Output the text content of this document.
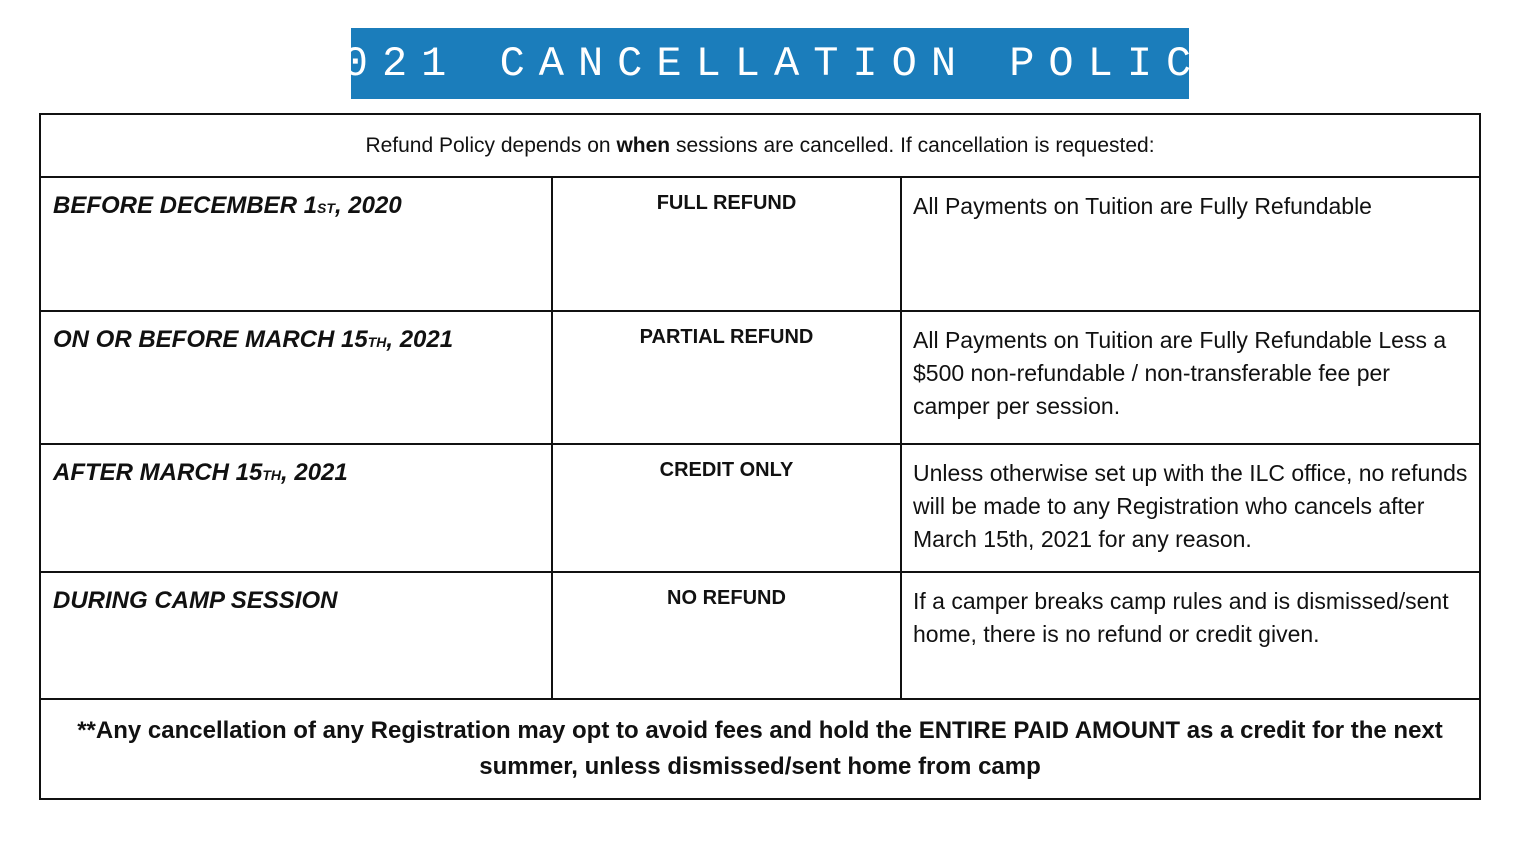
2021 CANCELLATION POLICY
Refund Policy depends on when sessions are cancelled. If cancellation is requested:		
BEFORE DECEMBER 1ST, 2020	FULL REFUND	All Payments on Tuition are Fully Refundable
ON OR BEFORE MARCH 15TH, 2021	PARTIAL REFUND	All Payments on Tuition are Fully Refundable Less a $500 non-refundable / non-transferable fee per camper per session.
AFTER MARCH 15TH, 2021	CREDIT ONLY	Unless otherwise set up with the ILC office, no refunds will be made to any Registration who cancels after March 15th, 2021 for any reason.
DURING CAMP SESSION	NO REFUND	If a camper breaks camp rules and is dismissed/sent home, there is no refund or credit given.
**Any cancellation of any Registration may opt to avoid fees and hold the ENTIRE PAID AMOUNT as a credit for the next summer, unless dismissed/sent home from camp		
